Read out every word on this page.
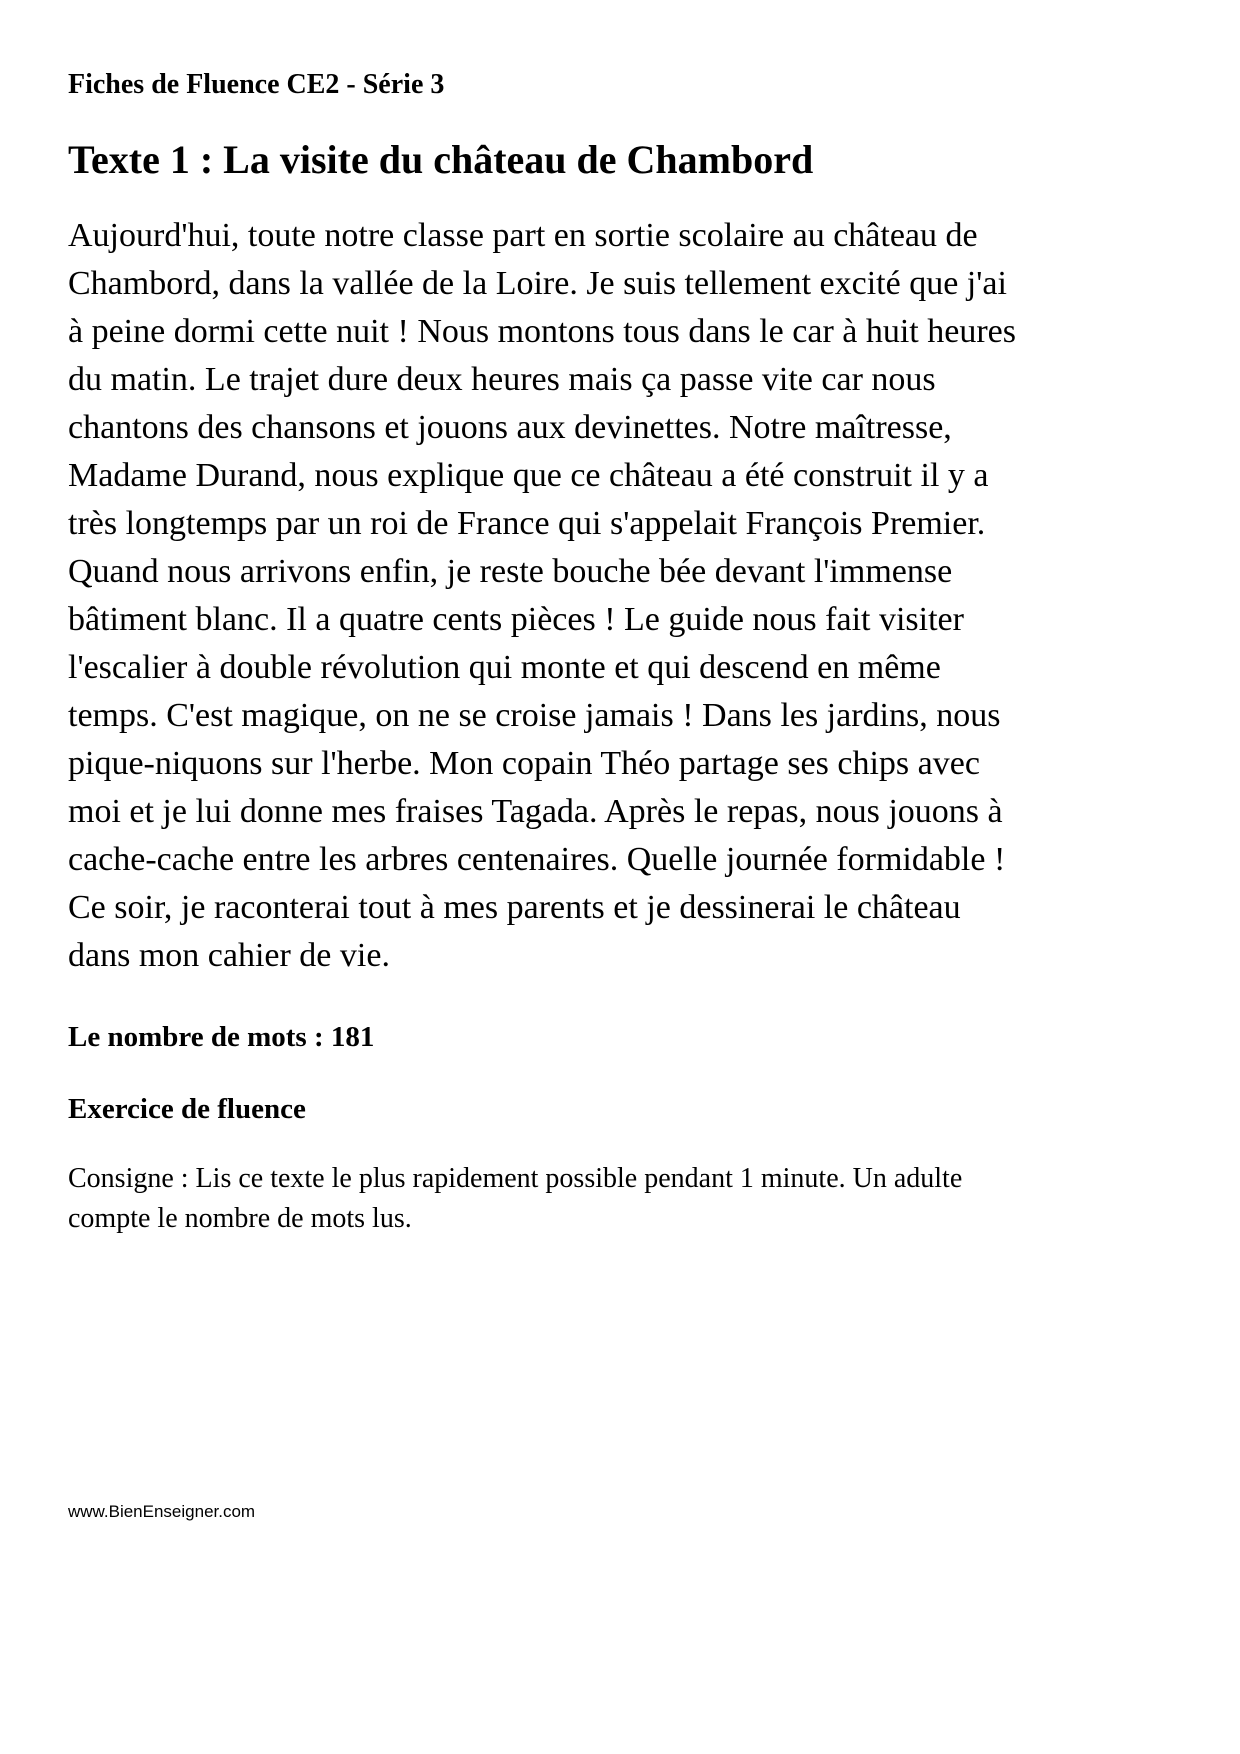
Fiches de Fluence CE2 - Série 3

Texte 1 : La visite du château de Chambord

Aujourd'hui, toute notre classe part en sortie scolaire au château de Chambord, dans la vallée de la Loire. Je suis tellement excité que j'ai à peine dormi cette nuit ! Nous montons tous dans le car à huit heures du matin. Le trajet dure deux heures mais ça passe vite car nous chantons des chansons et jouons aux devinettes. Notre maîtresse, Madame Durand, nous explique que ce château a été construit il y a très longtemps par un roi de France qui s'appelait François Premier. Quand nous arrivons enfin, je reste bouche bée devant l'immense bâtiment blanc. Il a quatre cents pièces ! Le guide nous fait visiter l'escalier à double révolution qui monte et qui descend en même temps. C'est magique, on ne se croise jamais ! Dans les jardins, nous pique-niquons sur l'herbe. Mon copain Théo partage ses chips avec moi et je lui donne mes fraises Tagada. Après le repas, nous jouons à cache-cache entre les arbres centenaires. Quelle journée formidable ! Ce soir, je raconterai tout à mes parents et je dessinerai le château dans mon cahier de vie.

Le nombre de mots : 181

Exercice de fluence

Consigne : Lis ce texte le plus rapidement possible pendant 1 minute. Un adulte compte le nombre de mots lus.

www.BienEnseigner.com
